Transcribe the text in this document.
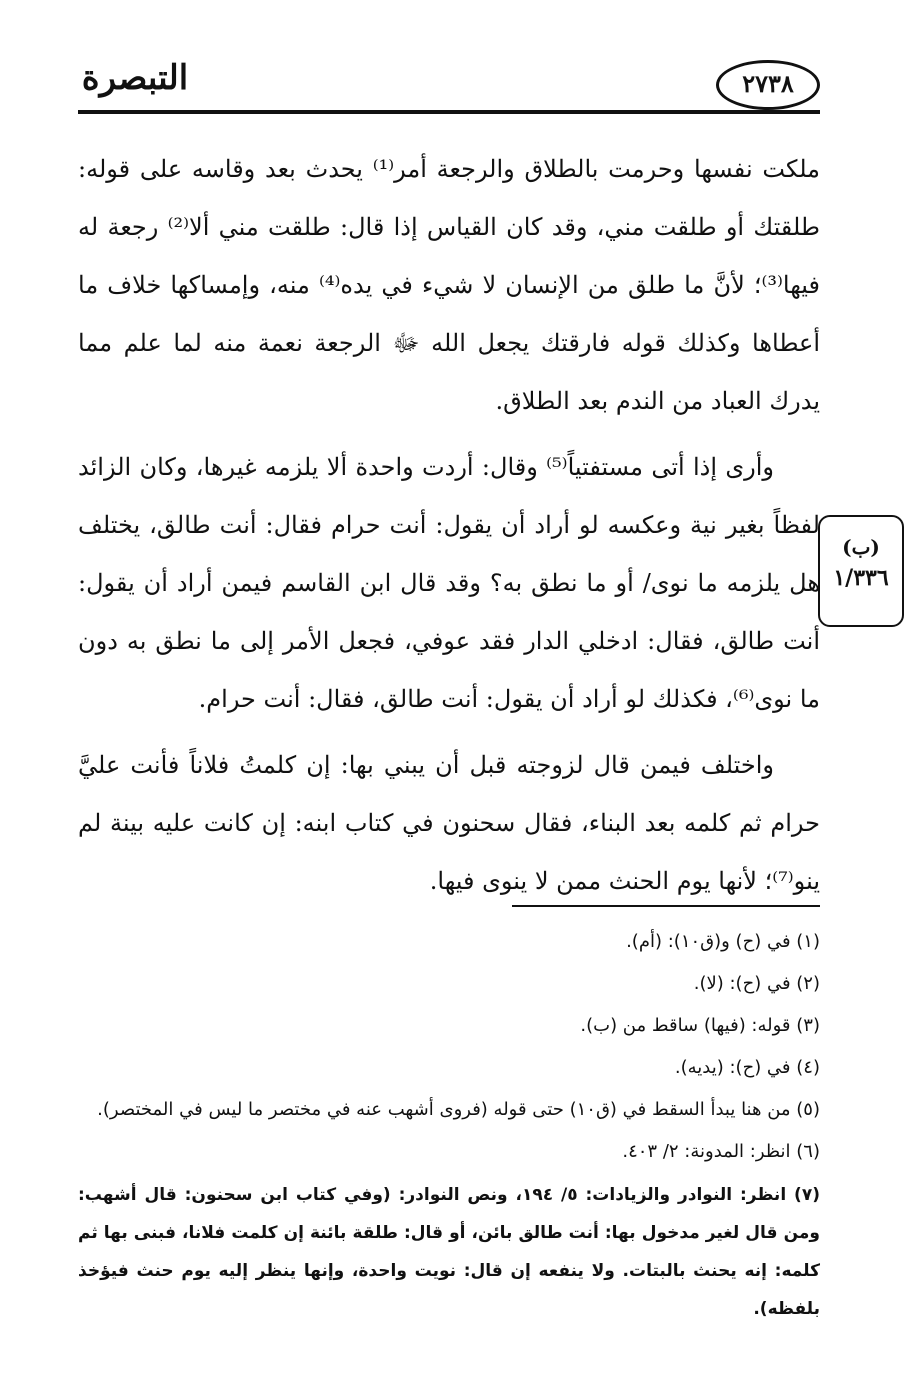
التبصرة	٢٧٣٨

ملكت نفسها وحرمت بالطلاق والرجعة أمر⁽¹⁾ يحدث بعد وقاسه على قوله: طلقتك أو طلقت مني، وقد كان القياس إذا قال: طلقت مني ألا⁽²⁾ رجعة له فيها⁽³⁾؛ لأنَّ ما طلق من الإنسان لا شيء في يده⁽⁴⁾ منه، وإمساكها خلاف ما أعطاها وكذلك قوله فارقتك يجعل الله ﷻ الرجعة نعمة منه لما علم مما يدرك العباد من الندم بعد الطلاق.

وأرى إذا أتى مستفتياً⁽⁵⁾ وقال: أردت واحدة ألا يلزمه غيرها، وكان الزائد لفظاً بغير نية وعكسه لو أراد أن يقول: أنت حرام فقال: أنت طالق، يختلف هل يلزمه ما نوى/ أو ما نطق به؟ وقد قال ابن القاسم فيمن أراد أن يقول: أنت طالق، فقال: ادخلي الدار فقد عوفي، فجعل الأمر إلى ما نطق به دون ما نوى⁽⁶⁾، فكذلك لو أراد أن يقول: أنت طالق، فقال: أنت حرام.

واختلف فيمن قال لزوجته قبل أن يبني بها: إن كلمتُ فلاناً فأنت عليَّ حرام ثم كلمه بعد البناء، فقال سحنون في كتاب ابنه: إن كانت عليه بينة لم ينو⁽⁷⁾؛ لأنها يوم الحنث ممن لا ينوى فيها.

(ب)
١/٣٣٦
(١) في (ح) و(ق١٠): (أم).
(٢) في (ح): (لا).
(٣) قوله: (فيها) ساقط من (ب).
(٤) في (ح): (يديه).
(٥) من هنا يبدأ السقط في (ق١٠) حتى قوله (فروى أشهب عنه في مختصر ما ليس في المختصر).
(٦) انظر: المدونة: ٢/ ٤٠٣.
(٧) انظر: النوادر والزيادات: ٥/ ١٩٤، ونص النوادر: (وفي كتاب ابن سحنون: قال أشهب: ومن قال لغير مدخول بها: أنت طالق بائن، أو قال: طلقة بائنة إن كلمت فلانا، فبنى بها ثم كلمه: إنه يحنث بالبتات. ولا ينفعه إن قال: نويت واحدة، وإنها ينظر إليه يوم حنث فيؤخذ بلفظه).
